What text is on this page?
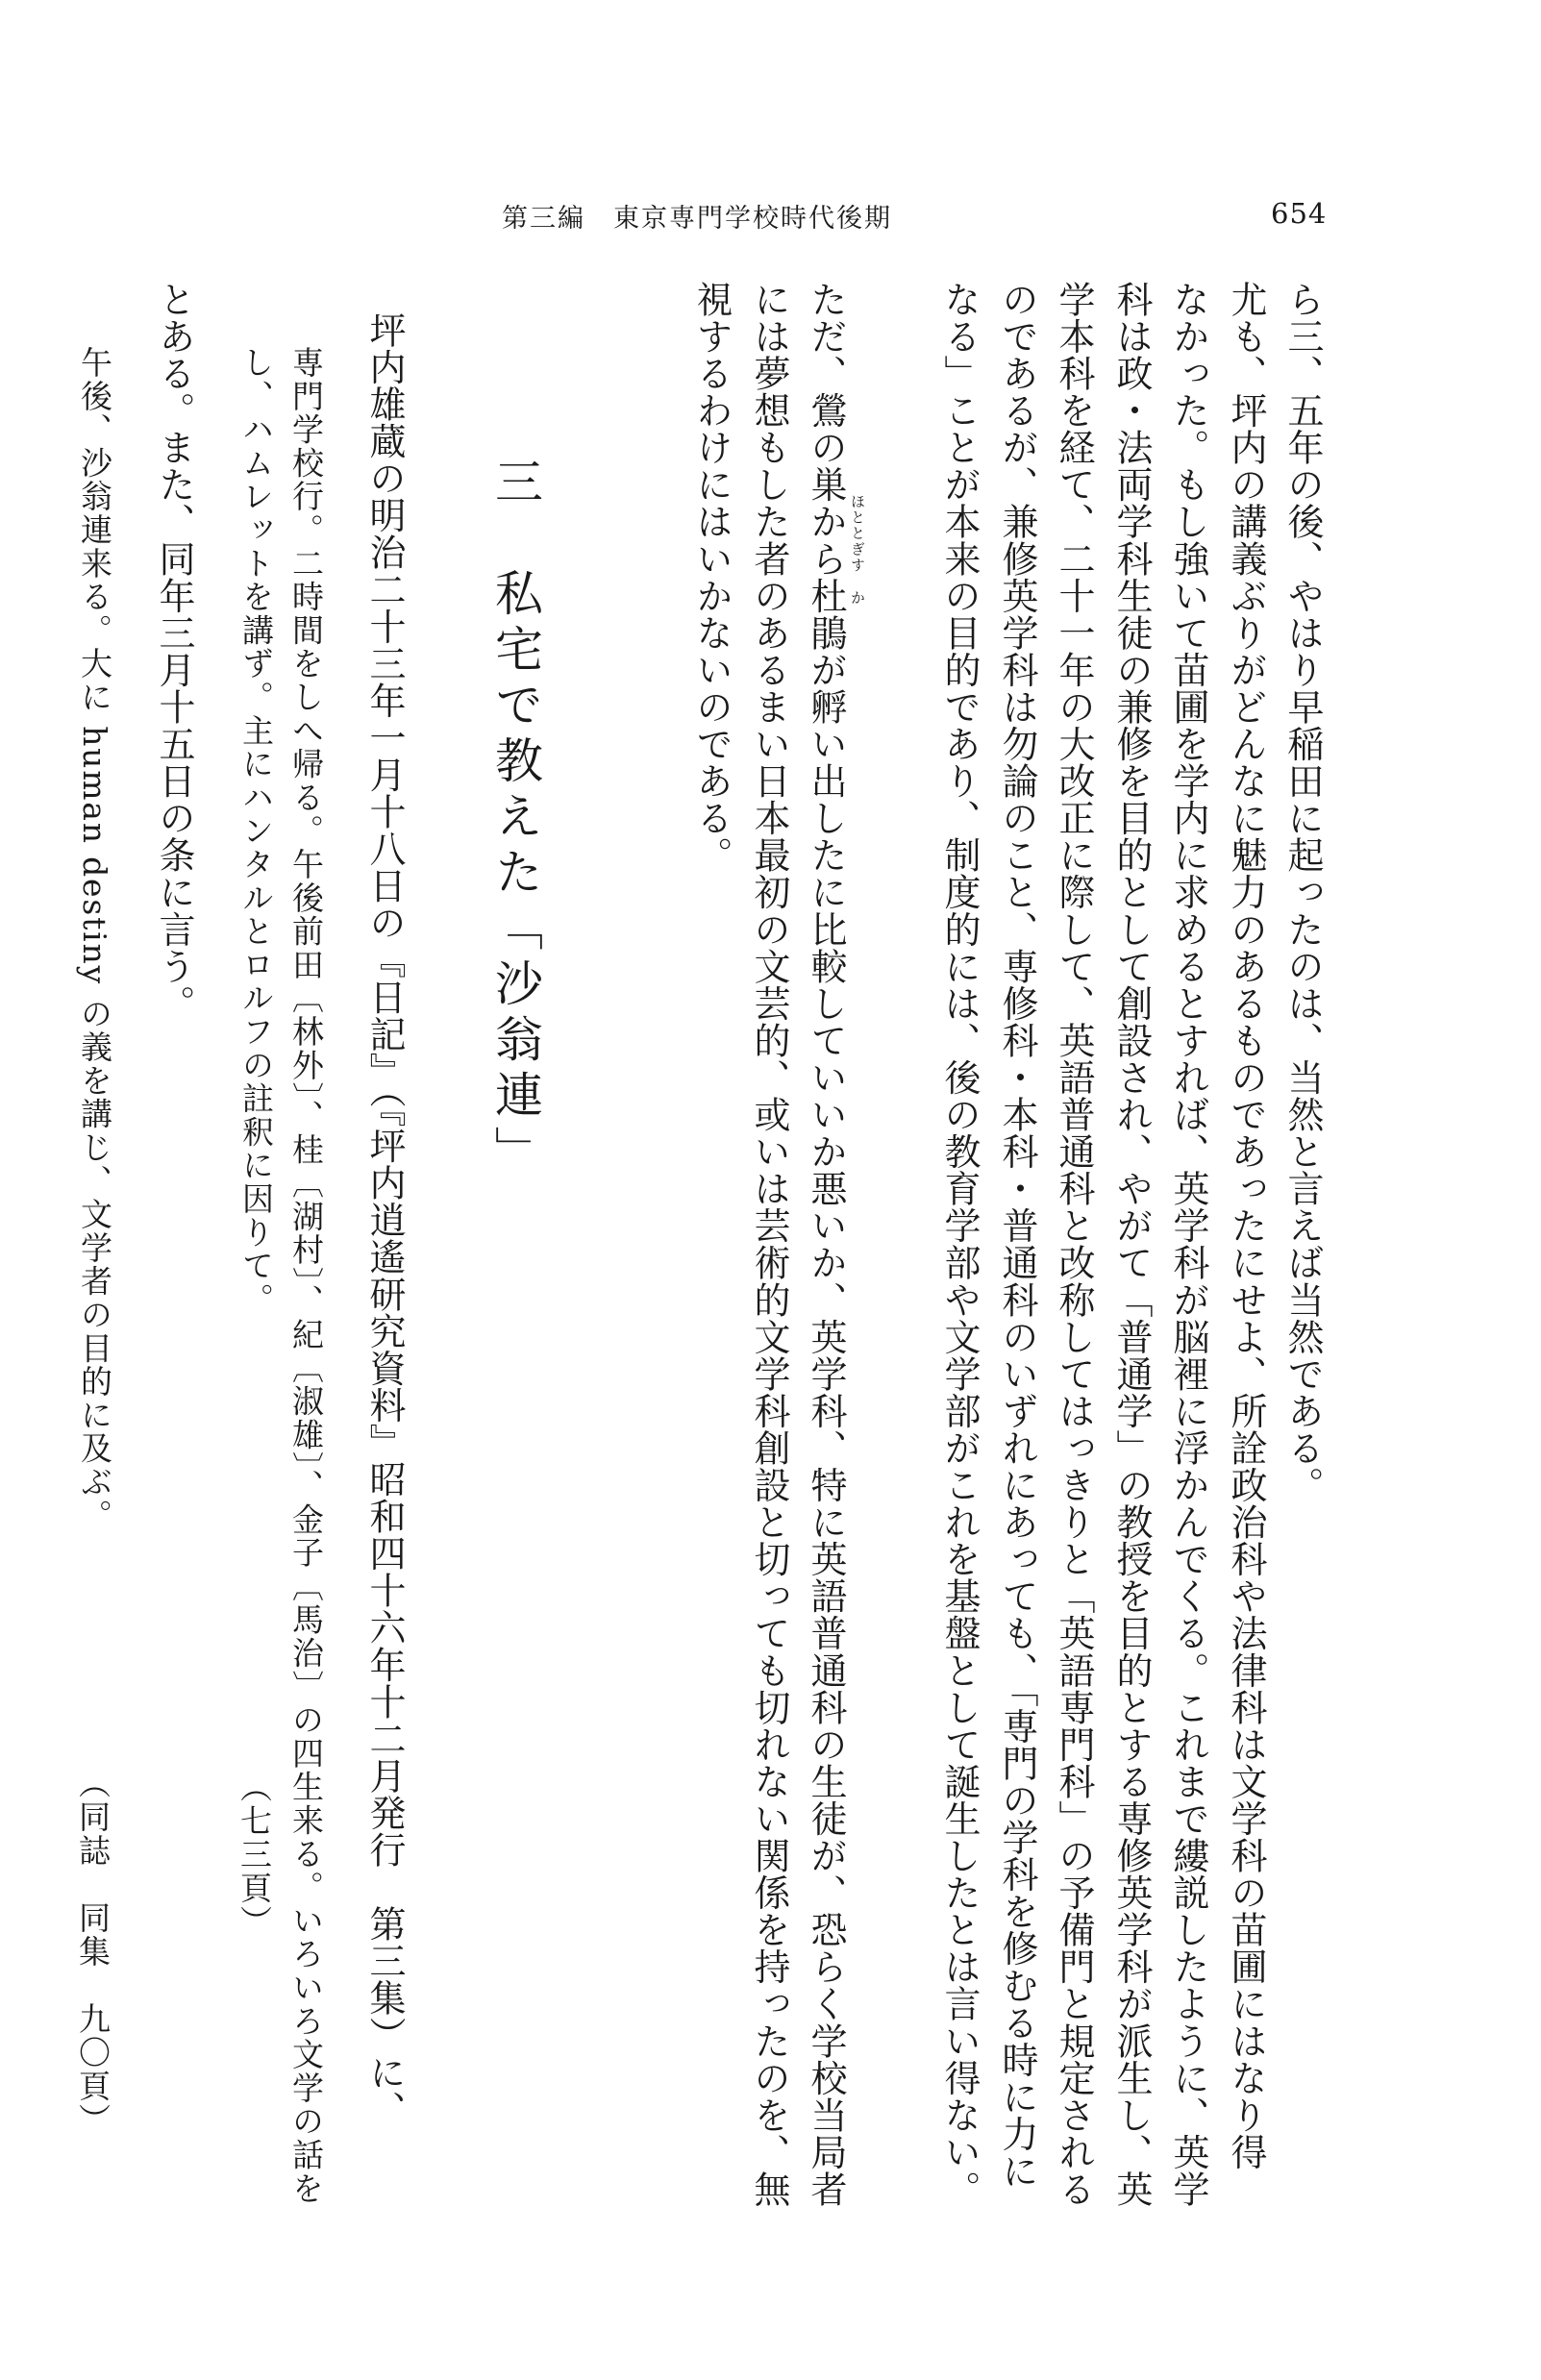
第三編　東京専門学校時代後期	654
ら三、五年の後、やはり早稲田に起ったのは、当然と言えば当然である。
尤も、坪内の講義ぶりがどんなに魅力のあるものであったにせよ、所詮政治科や法律科は文学科の苗圃にはなり得
なかった。もし強いて苗圃を学内に求めるとすれば、英学科が脳裡に浮かんでくる。これまで縷説したように、英学
科は政・法両学科生徒の兼修を目的として創設され、やがて「普通学」の教授を目的とする専修英学科が派生し、英
学本科を経て、二十一年の大改正に際して、英語普通科と改称してはっきりと「英語専門科」の予備門と規定される
のであるが、兼修英学科は勿論のこと、専修科・本科・普通科のいずれにあっても、「専門の学科を修むる時に力に
なる」ことが本来の目的であり、制度的には、後の教育学部や文学部がこれを基盤として誕生したとは言い得ない。
ただ、鶯の巣から杜鵑が孵い出したに比較していいか悪いか、英学科、特に英語普通科の生徒が、恐らく学校当局者
には夢想もした者のあるまい日本最初の文芸的、或いは芸術的文学科創設と切っても切れない関係を持ったのを、無
視するわけにはいかないのである。	ほととぎす
か
三　私宅で教えた「沙翁連」
坪内雄蔵の明治二十三年一月十八日の『日記』（『坪内逍遙研究資料』昭和四十六年十二月発行　第三集）に、
専門学校行。二時間をしへ帰る。午後前田〔林外〕、桂〔湖村〕、紀〔淑雄〕、金子〔馬治〕の四生来る。いろいろ文学の話を
し、ハムレットを講ず。主にハンタルとロルフの註釈に因りて。
（七三頁）
とある。また、同年三月十五日の条に言う。
午後、沙翁連来る。大に human destiny の義を講じ、文学者の目的に及ぶ。
（同誌　同集　九〇頁）
